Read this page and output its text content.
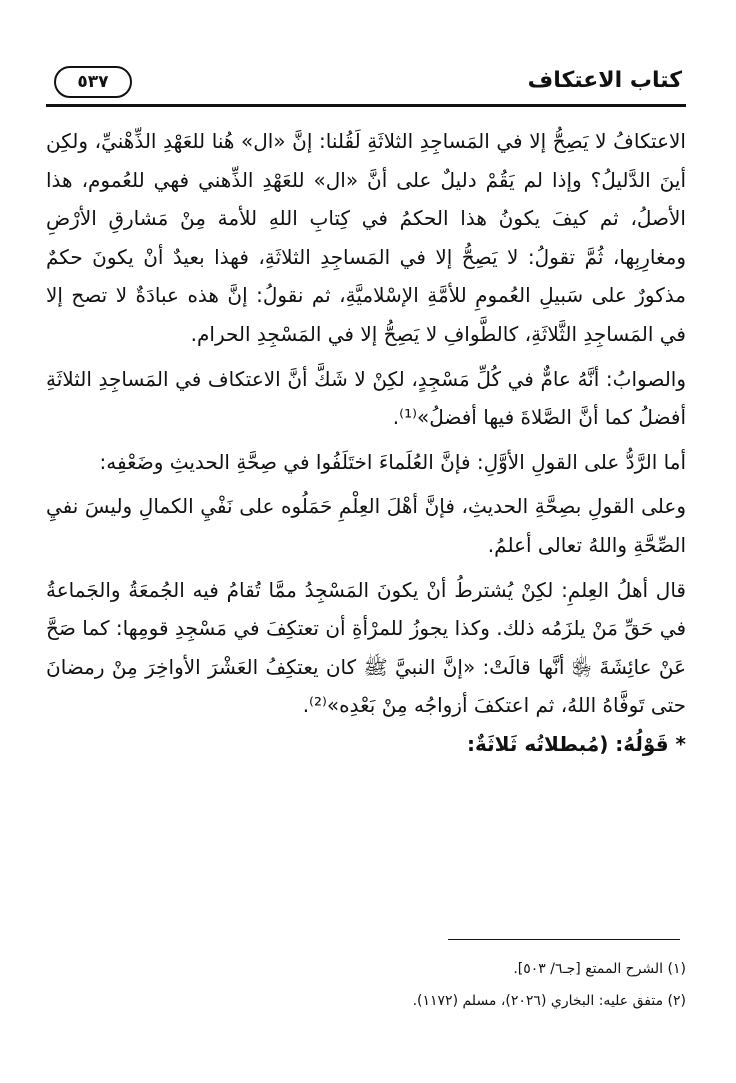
كتاب الاعتكاف
٥٣٧

الاعتكافُ لا يَصِحُّ إلا في المَساجِدِ الثلاثَةِ لَقُلنا: إنَّ «ال» هُنا للعَهْدِ الذِّهْنيِّ، ولكِن أينَ الدَّليلُ؟ وإذا لم يَقُمْ دليلٌ على أنَّ «ال» للعَهْدِ الذِّهني فهي للعُموم، هذا الأصلُ، ثم كيفَ يكونُ هذا الحكمُ في كِتابِ اللهِ للأمة مِنْ مَشارقِ الأرْضِ ومغارِبِها، ثُمَّ تقولُ: لا يَصِحُّ إلا في المَساجِدِ الثلاثَةِ، فهذا بعيدٌ أنْ يكونَ حكمٌ مذكورٌ على سَبيلِ العُمومِ للأمَّةِ الإسْلاميَّةِ، ثم نقولُ: إنَّ هذه عبادَةٌ لا تصح إلا في المَساجِدِ الثَّلاثَةِ، كالطَّوافِ لا يَصِحُّ إلا في المَسْجِدِ الحرام.

والصوابُ: أنَّهُ عامٌّ في كُلِّ مَسْجِدٍ، لكِنْ لا شَكَّ أنَّ الاعتكاف في المَساجِدِ الثلاثَةِ أفضلُ كما أنَّ الصَّلاةَ فيها أفضلُ»⁽¹⁾.

أما الرَّدُّ على القولِ الأوَّلِ: فإنَّ العُلَماءَ اختَلَفُوا في صِحَّةِ الحديثِ وضَعْفِه:

وعلى القولِ بصِحَّةِ الحديثِ، فإنَّ أهْلَ العِلْمِ حَمَلُوه على نَفْيِ الكمالِ وليسَ نفيِ الصِّحَّةِ واللهُ تعالى أعلمُ.

قال أهلُ العِلمِ: لكِنْ يُشترطُ أنْ يكونَ المَسْجِدُ ممَّا تُقامُ فيه الجُمعَةُ والجَماعةُ في حَقِّ مَنْ يلزَمُه ذلك. وكذا يجوزُ للمرْأةِ أن تعتكِفَ في مَسْجِدِ قومِها: كما صَحَّ عَنْ عائِشَةَ ﵂ أنَّها قالَتْ: «إنَّ النبيَّ ﷺ كان يعتكِفُ العَشْرَ الأواخِرَ مِنْ رمضانَ حتى تَوفَّاهُ اللهُ، ثم اعتكفَ أزواجُه مِنْ بَعْدِه»⁽²⁾.

* قَوْلُهُ: (مُبطلاتُه ثَلاثَةٌ:

(١) الشرح الممتع [جـ٦/ ٥٠٣].

(٢) متفق عليه: البخاري (٢٠٢٦)، مسلم (١١٧٢).
